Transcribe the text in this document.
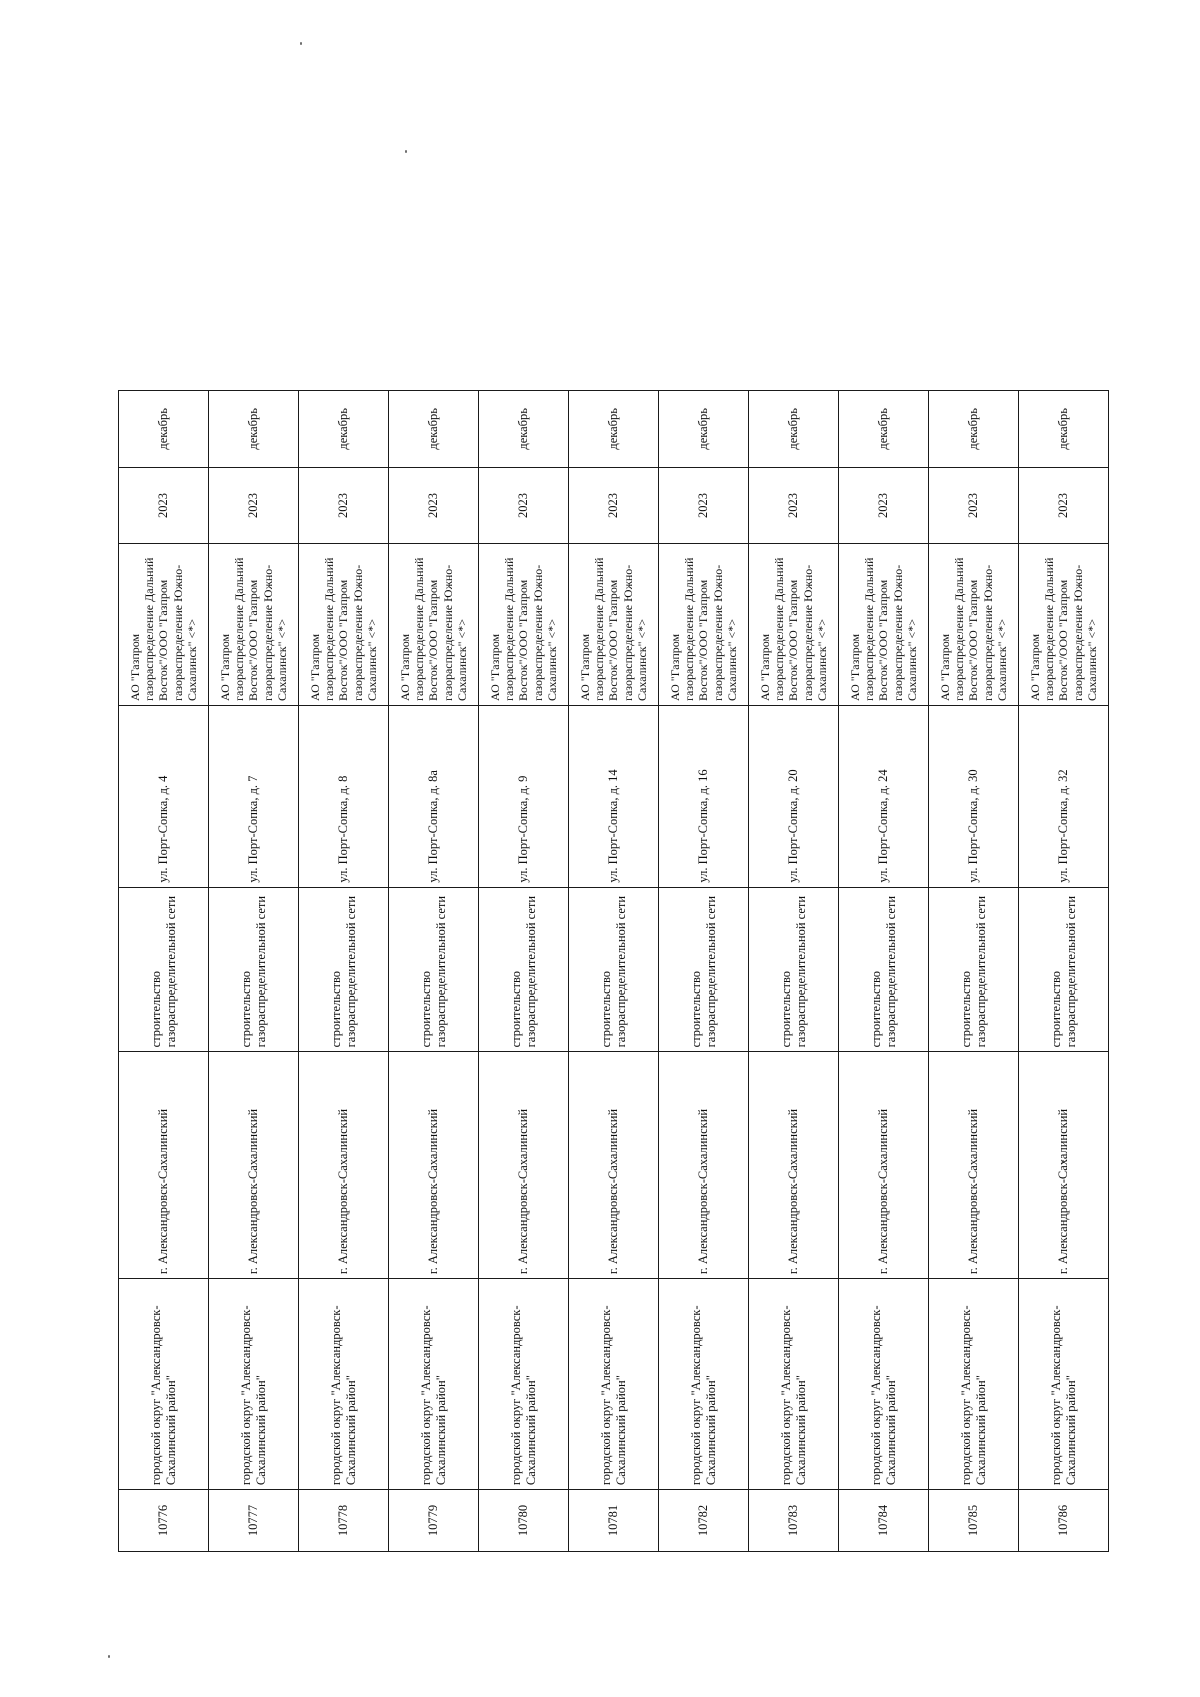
10776	городской округ "Александровск-Сахалинский район"	г. Александровск-Сахалинский	строительство газораспределительной сети	ул. Порт-Сопка, д. 4	АО "Газпром газораспределение Дальний Восток"/ООО "Газпром газораспределение Южно-Сахалинск" <*>	2023	декабрь
10777	городской округ "Александровск-Сахалинский район"	г. Александровск-Сахалинский	строительство газораспределительной сети	ул. Порт-Сопка, д. 7	АО "Газпром газораспределение Дальний Восток"/ООО "Газпром газораспределение Южно-Сахалинск" <*>	2023	декабрь
10778	городской округ "Александровск-Сахалинский район"	г. Александровск-Сахалинский	строительство газораспределительной сети	ул. Порт-Сопка, д. 8	АО "Газпром газораспределение Дальний Восток"/ООО "Газпром газораспределение Южно-Сахалинск" <*>	2023	декабрь
10779	городской округ "Александровск-Сахалинский район"	г. Александровск-Сахалинский	строительство газораспределительной сети	ул. Порт-Сопка, д. 8а	АО "Газпром газораспределение Дальний Восток"/ООО "Газпром газораспределение Южно-Сахалинск" <*>	2023	декабрь
10780	городской округ "Александровск-Сахалинский район"	г. Александровск-Сахалинский	строительство газораспределительной сети	ул. Порт-Сопка, д. 9	АО "Газпром газораспределение Дальний Восток"/ООО "Газпром газораспределение Южно-Сахалинск" <*>	2023	декабрь
10781	городской округ "Александровск-Сахалинский район"	г. Александровск-Сахалинский	строительство газораспределительной сети	ул. Порт-Сопка, д. 14	АО "Газпром газораспределение Дальний Восток"/ООО "Газпром газораспределение Южно-Сахалинск" <*>	2023	декабрь
10782	городской округ "Александровск-Сахалинский район"	г. Александровск-Сахалинский	строительство газораспределительной сети	ул. Порт-Сопка, д. 16	АО "Газпром газораспределение Дальний Восток"/ООО "Газпром газораспределение Южно-Сахалинск" <*>	2023	декабрь
10783	городской округ "Александровск-Сахалинский район"	г. Александровск-Сахалинский	строительство газораспределительной сети	ул. Порт-Сопка, д. 20	АО "Газпром газораспределение Дальний Восток"/ООО "Газпром газораспределение Южно-Сахалинск" <*>	2023	декабрь
10784	городской округ "Александровск-Сахалинский район"	г. Александровск-Сахалинский	строительство газораспределительной сети	ул. Порт-Сопка, д. 24	АО "Газпром газораспределение Дальний Восток"/ООО "Газпром газораспределение Южно-Сахалинск" <*>	2023	декабрь
10785	городской округ "Александровск-Сахалинский район"	г. Александровск-Сахалинский	строительство газораспределительной сети	ул. Порт-Сопка, д. 30	АО "Газпром газораспределение Дальний Восток"/ООО "Газпром газораспределение Южно-Сахалинск" <*>	2023	декабрь
10786	городской округ "Александровск-Сахалинский район"	г. Александровск-Сахалинский	строительство газораспределительной сети	ул. Порт-Сопка, д. 32	АО "Газпром газораспределение Дальний Восток"/ООО "Газпром газораспределение Южно-Сахалинск" <*>	2023	декабрь
